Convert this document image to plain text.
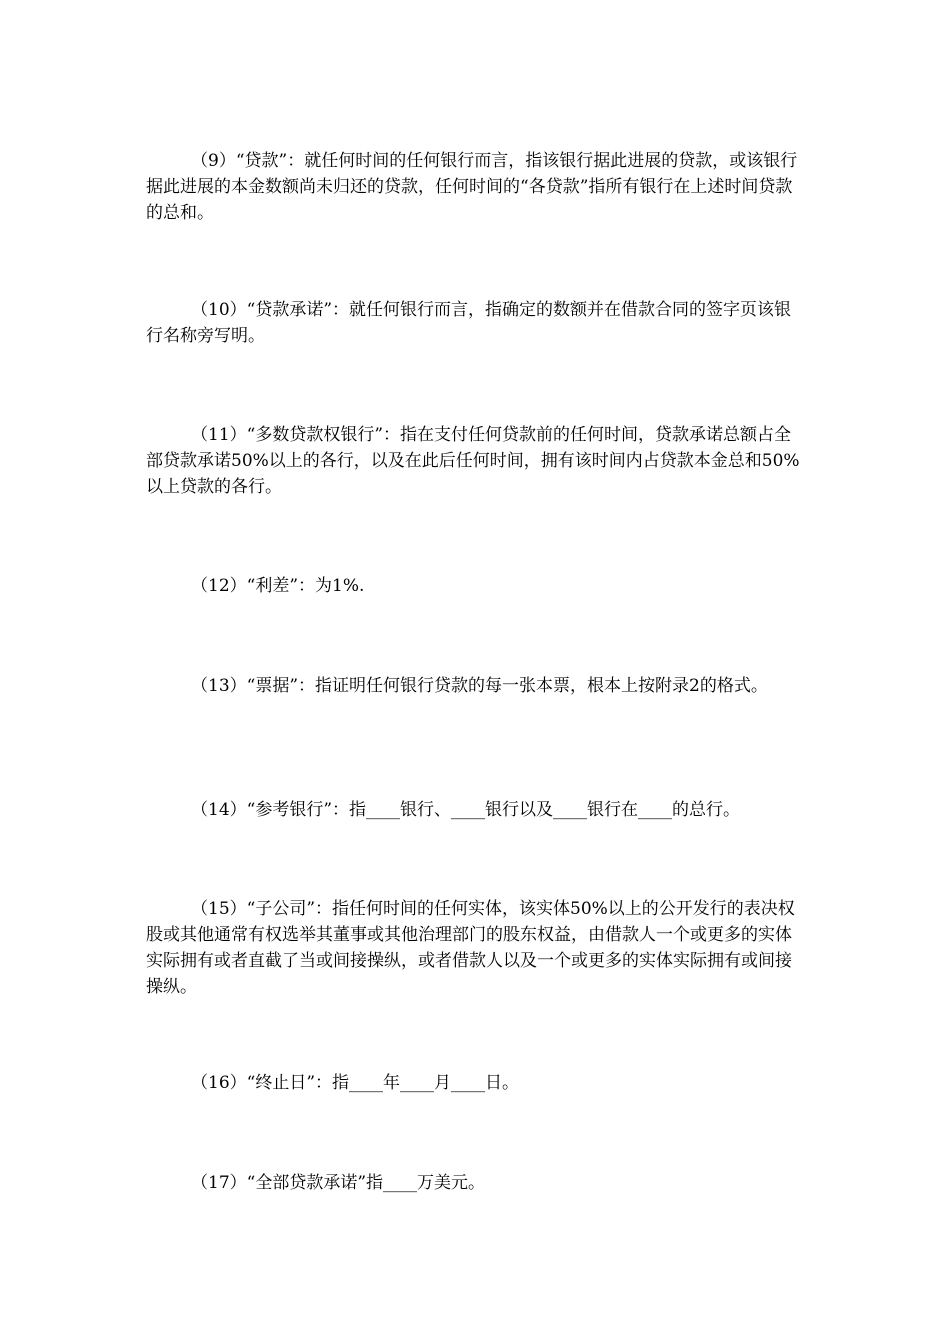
（9）“贷款”：就任何时间的任何银行而言，指该银行据此进展的贷款，或该银行据此进展的本金数额尚未归还的贷款，任何时间的“各贷款”指所有银行在上述时间贷款的总和。

（10）“贷款承诺”：就任何银行而言，指确定的数额并在借款合同的签字页该银行名称旁写明。

（11）“多数贷款权银行”：指在支付任何贷款前的任何时间，贷款承诺总额占全部贷款承诺50%以上的各行，以及在此后任何时间，拥有该时间内占贷款本金总和50%以上贷款的各行。

（12）“利差”：为1%.

（13）“票据”：指证明任何银行贷款的每一张本票，根本上按附录2的格式。

（14）“参考银行”：指____银行、____银行以及____银行在____的总行。

（15）“子公司”：指任何时间的任何实体，该实体50%以上的公开发行的表决权股或其他通常有权选举其董事或其他治理部门的股东权益，由借款人一个或更多的实体实际拥有或者直截了当或间接操纵，或者借款人以及一个或更多的实体实际拥有或间接操纵。

（16）“终止日”：指____年____月____日。

（17）“全部贷款承诺”指____万美元。
